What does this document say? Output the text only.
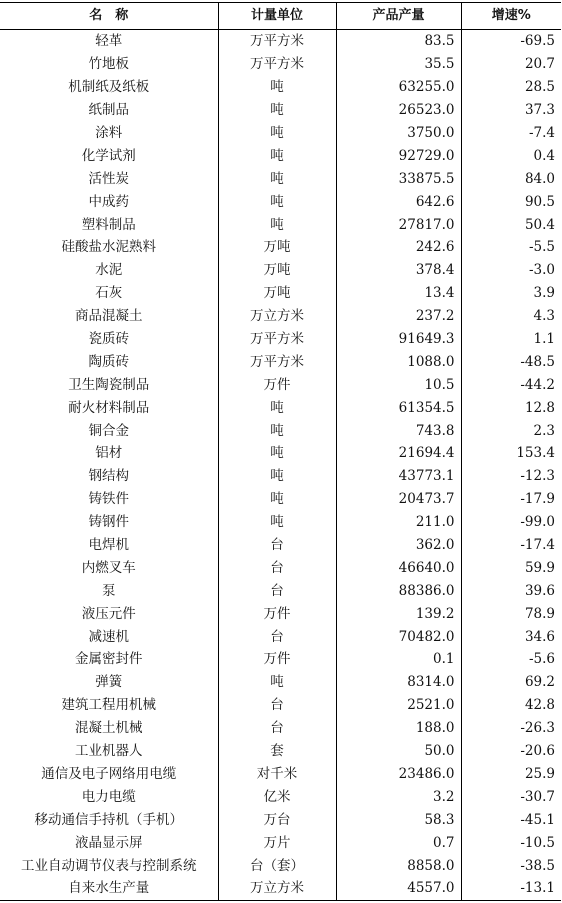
名　称	计量单位	产品产量	增速%
轻革	万平方米	83.5	-69.5
竹地板	万平方米	35.5	20.7
机制纸及纸板	吨	63255.0	28.5
纸制品	吨	26523.0	37.3
涂料	吨	3750.0	-7.4
化学试剂	吨	92729.0	0.4
活性炭	吨	33875.5	84.0
中成药	吨	642.6	90.5
塑料制品	吨	27817.0	50.4
硅酸盐水泥熟料	万吨	242.6	-5.5
水泥	万吨	378.4	-3.0
石灰	万吨	13.4	3.9
商品混凝土	万立方米	237.2	4.3
瓷质砖	万平方米	91649.3	1.1
陶质砖	万平方米	1088.0	-48.5
卫生陶瓷制品	万件	10.5	-44.2
耐火材料制品	吨	61354.5	12.8
铜合金	吨	743.8	2.3
铝材	吨	21694.4	153.4
钢结构	吨	43773.1	-12.3
铸铁件	吨	20473.7	-17.9
铸钢件	吨	211.0	-99.0
电焊机	台	362.0	-17.4
内燃叉车	台	46640.0	59.9
泵	台	88386.0	39.6
液压元件	万件	139.2	78.9
减速机	台	70482.0	34.6
金属密封件	万件	0.1	-5.6
弹簧	吨	8314.0	69.2
建筑工程用机械	台	2521.0	42.8
混凝土机械	台	188.0	-26.3
工业机器人	套	50.0	-20.6
通信及电子网络用电缆	对千米	23486.0	25.9
电力电缆	亿米	3.2	-30.7
移动通信手持机（手机）	万台	58.3	-45.1
液晶显示屏	万片	0.7	-10.5
工业自动调节仪表与控制系统	台（套）	8858.0	-38.5
自来水生产量	万立方米	4557.0	-13.1
